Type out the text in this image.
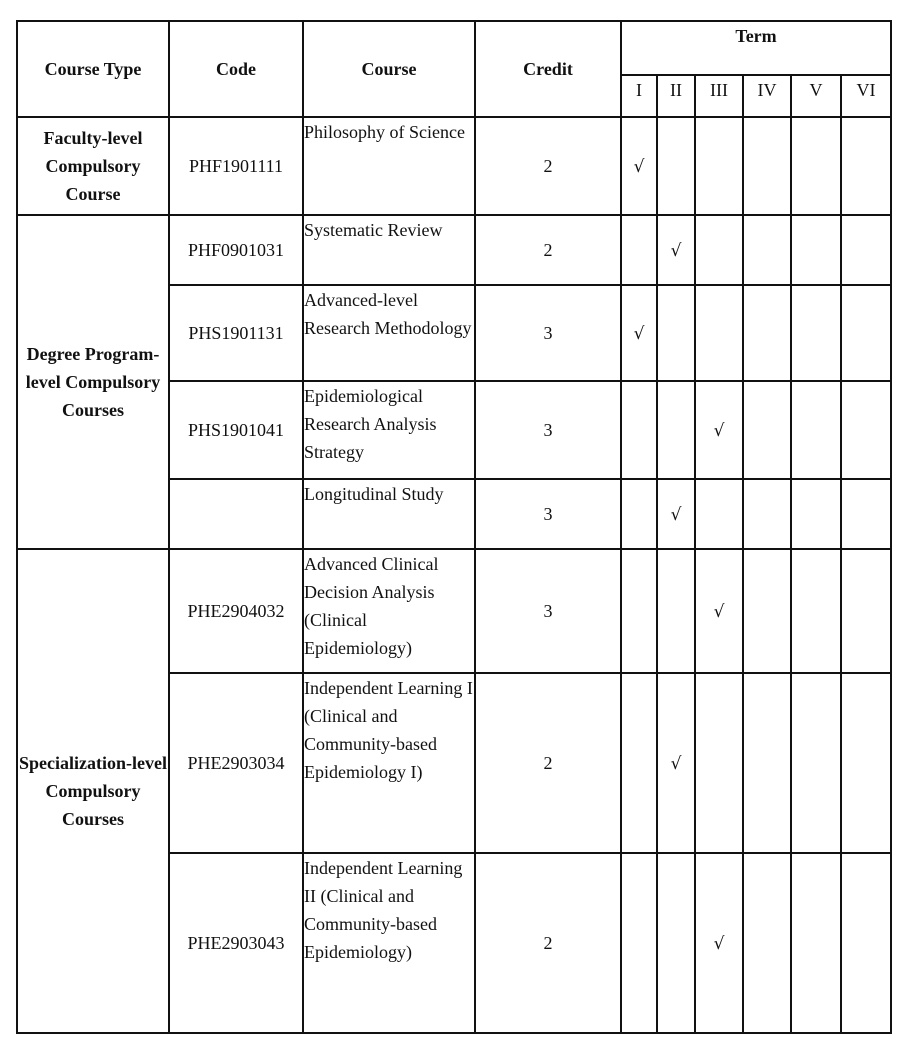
Course Type	Code	Course	Credit	Term					
				I	II	III	IV	V	VI
Faculty-level Compulsory Course	PHF1901111	Philosophy of Science	2	√					
Degree Program-level Compulsory Courses	PHF0901031	Systematic Review	2		√				
	PHS1901131	Advanced-level Research Methodology	3	√					
	PHS1901041	Epidemiological Research Analysis Strategy	3			√			
		Longitudinal Study	3		√				
Specialization-level Compulsory Courses	PHE2904032	Advanced Clinical Decision Analysis (Clinical Epidemiology)	3			√			
	PHE2903034	Independent Learning I (Clinical and Community-based Epidemiology I)	2		√				
	PHE2903043	Independent Learning II (Clinical and Community-based Epidemiology)	2			√			
